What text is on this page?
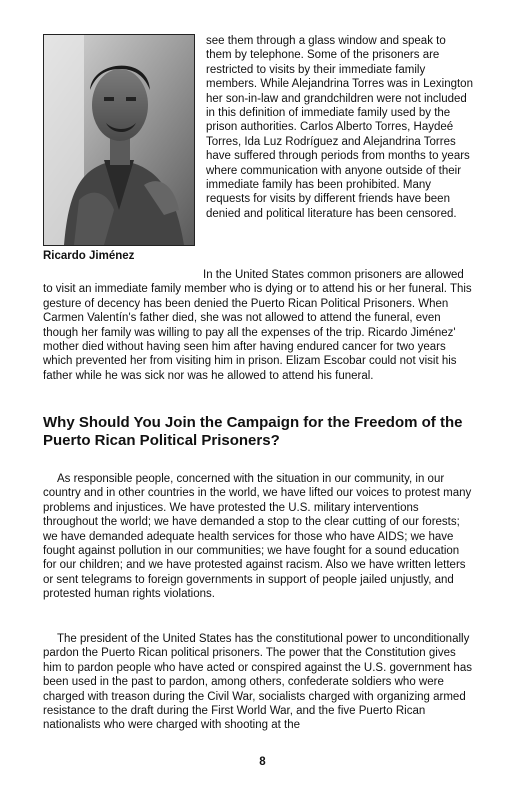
Ricardo Jiménez

see them through a glass window and speak to them by telephone. Some of the prisoners are restricted to visits by their immediate family members. While Alejandrina Torres was in Lexington her son-in-law and grandchildren were not included in this definition of immediate family used by the prison authorities. Carlos Alberto Torres, Haydeé Torres, Ida Luz Rodríguez and Alejandrina Torres have suffered through periods from months to years where communication with anyone outside of their immediate family has been prohibited. Many requests for visits by different friends have been denied and political literature has been censored.

In the United States common prisoners are allowed to visit an immediate family member who is dying or to attend his or her funeral. This gesture of decency has been denied the Puerto Rican Political Prisoners. When Carmen Valentín's father died, she was not allowed to attend the funeral, even though her family was willing to pay all the expenses of the trip. Ricardo Jiménez' mother died without having seen him after having endured cancer for two years which prevented her from visiting him in prison. Elizam Escobar could not visit his father while he was sick nor was he allowed to attend his funeral.

Why Should You Join the Campaign for the Freedom of the Puerto Rican Political Prisoners?

As responsible people, concerned with the situation in our community, in our country and in other countries in the world, we have lifted our voices to protest many problems and injustices. We have protested the U.S. military interventions throughout the world; we have demanded a stop to the clear cutting of our forests; we have demanded adequate health services for those who have AIDS; we have fought against pollution in our communities; we have fought for a sound education for our children; and we have protested against racism. Also we have written letters or sent telegrams to foreign governments in support of people jailed unjustly, and protested human rights violations.

The president of the United States has the constitutional power to unconditionally pardon the Puerto Rican political prisoners. The power that the Constitution gives him to pardon people who have acted or conspired against the U.S. government has been used in the past to pardon, among others, confederate soldiers who were charged with treason during the Civil War, socialists charged with organizing armed resistance to the draft during the First World War, and the five Puerto Rican nationalists who were charged with shooting at the

8
